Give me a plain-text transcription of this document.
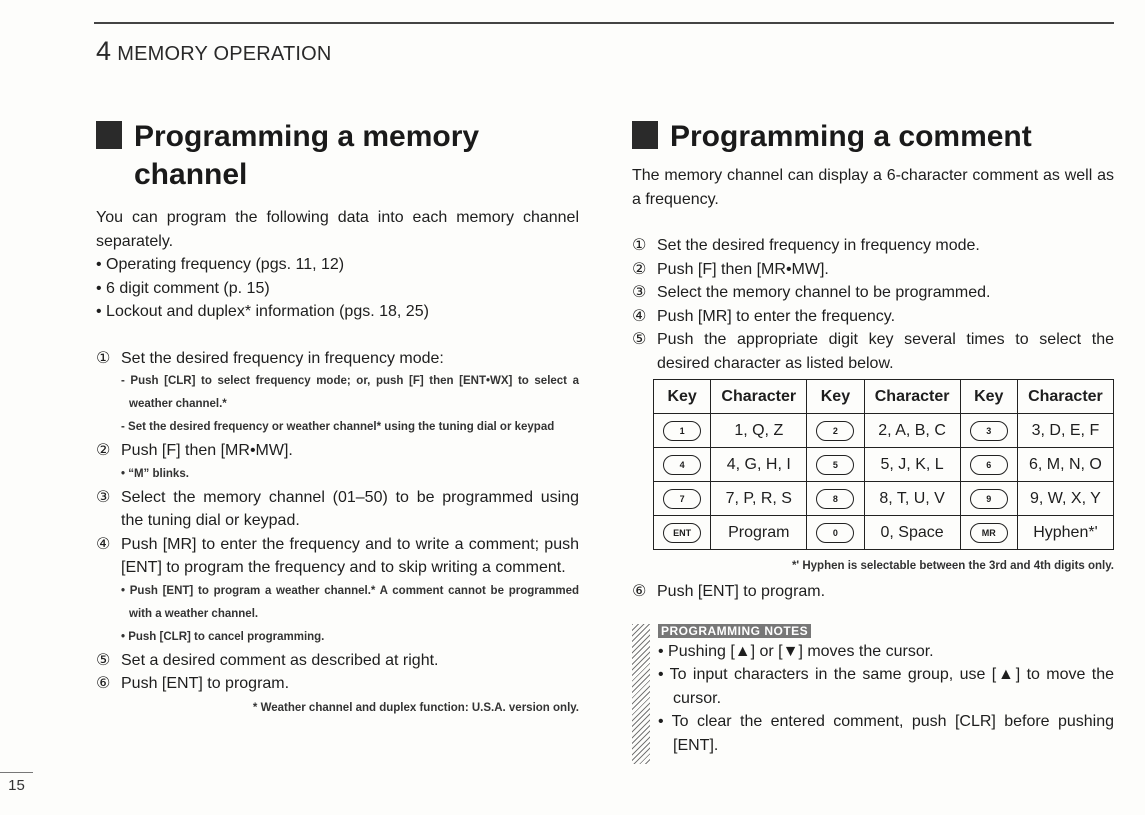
4 MEMORY OPERATION
Programming a memory
channel
You can program the following data into each memory channel separately.
• Operating frequency (pgs. 11, 12)
• 6 digit comment (p. 15)
• Lockout and duplex* information (pgs. 18, 25)
① Set the desired frequency in frequency mode:
- Push [CLR] to select frequency mode; or, push [F] then [ENT•WX] to select a weather channel.*
- Set the desired frequency or weather channel* using the tuning dial or keypad
② Push [F] then [MR•MW].
• “M” blinks.
③ Select the memory channel (01–50) to be programmed using the tuning dial or keypad.
④ Push [MR] to enter the frequency and to write a comment; push [ENT] to program the frequency and to skip writing a comment.
• Push [ENT] to program a weather channel.* A comment cannot be programmed with a weather channel.
• Push [CLR] to cancel programming.
⑤ Set a desired comment as described at right.
⑥ Push [ENT] to program.
* Weather channel and duplex function: U.S.A. version only.
Programming a comment
The memory channel can display a 6-character comment as well as a frequency.
① Set the desired frequency in frequency mode.
② Push [F] then [MR•MW].
③ Select the memory channel to be programmed.
④ Push [MR] to enter the frequency.
⑤ Push the appropriate digit key several times to select the desired character as listed below.
Key	Character	Key	Character	Key	Character
1	1, Q, Z	2	2, A, B, C	3	3, D, E, F
4	4, G, H, I	5	5, J, K, L	6	6, M, N, O
7	7, P, R, S	8	8, T, U, V	9	9, W, X, Y
ENT	Program	0	0, Space	MR	Hyphen*'
*' Hyphen is selectable between the 3rd and 4th digits only.
⑥ Push [ENT] to program.
PROGRAMMING NOTES
• Pushing [▲] or [▼] moves the cursor.
• To input characters in the same group, use [▲] to move the cursor.
• To clear the entered comment, push [CLR] before pushing [ENT].
15
